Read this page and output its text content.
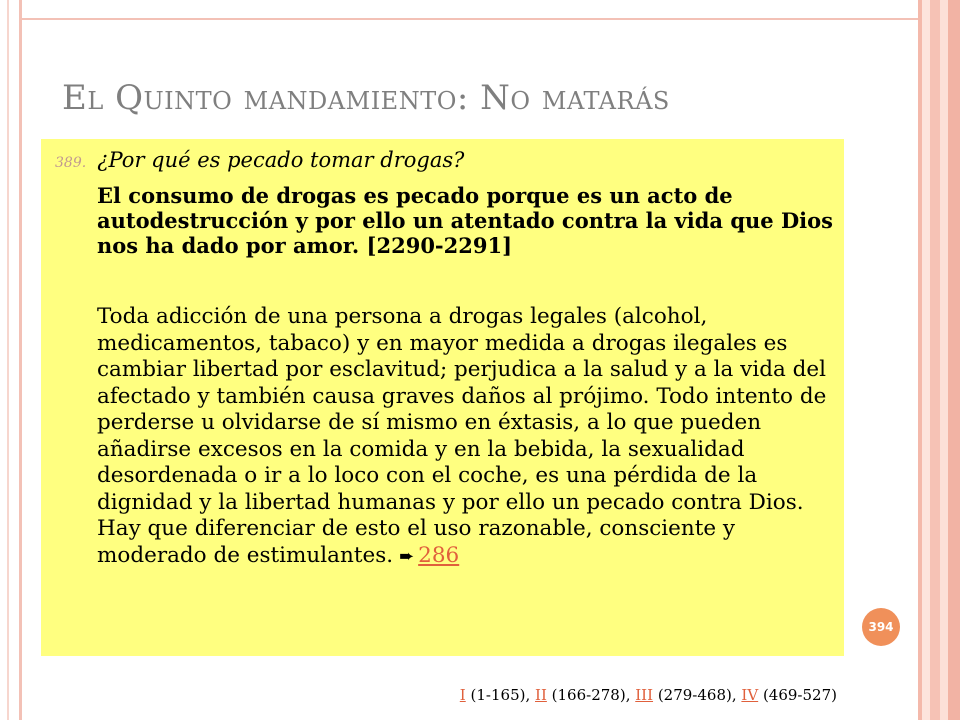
El Quinto mandamiento: No matarás
389. ¿Por qué es pecado tomar drogas?

El consumo de drogas es pecado porque es un acto de autodestrucción y por ello un atentado contra la vida que Dios nos ha dado por amor. [2290-2291]

Toda adicción de una persona a drogas legales (alcohol, medicamentos, tabaco) y en mayor medida a drogas ilegales es cambiar libertad por esclavitud; perjudica a la salud y a la vida del afectado y también causa graves daños al prójimo. Todo intento de perderse u olvidarse de sí mismo en éxtasis, a lo que pueden añadirse excesos en la comida y en la bebida, la sexualidad desordenada o ir a lo loco con el coche, es una pérdida de la dignidad y la libertad humanas y por ello un pecado contra Dios. Hay que diferenciar de esto el uso razonable, consciente y moderado de estimulantes. ➨ 286

394
I (1-165), II (166-278), III (279-468), IV (469-527)
